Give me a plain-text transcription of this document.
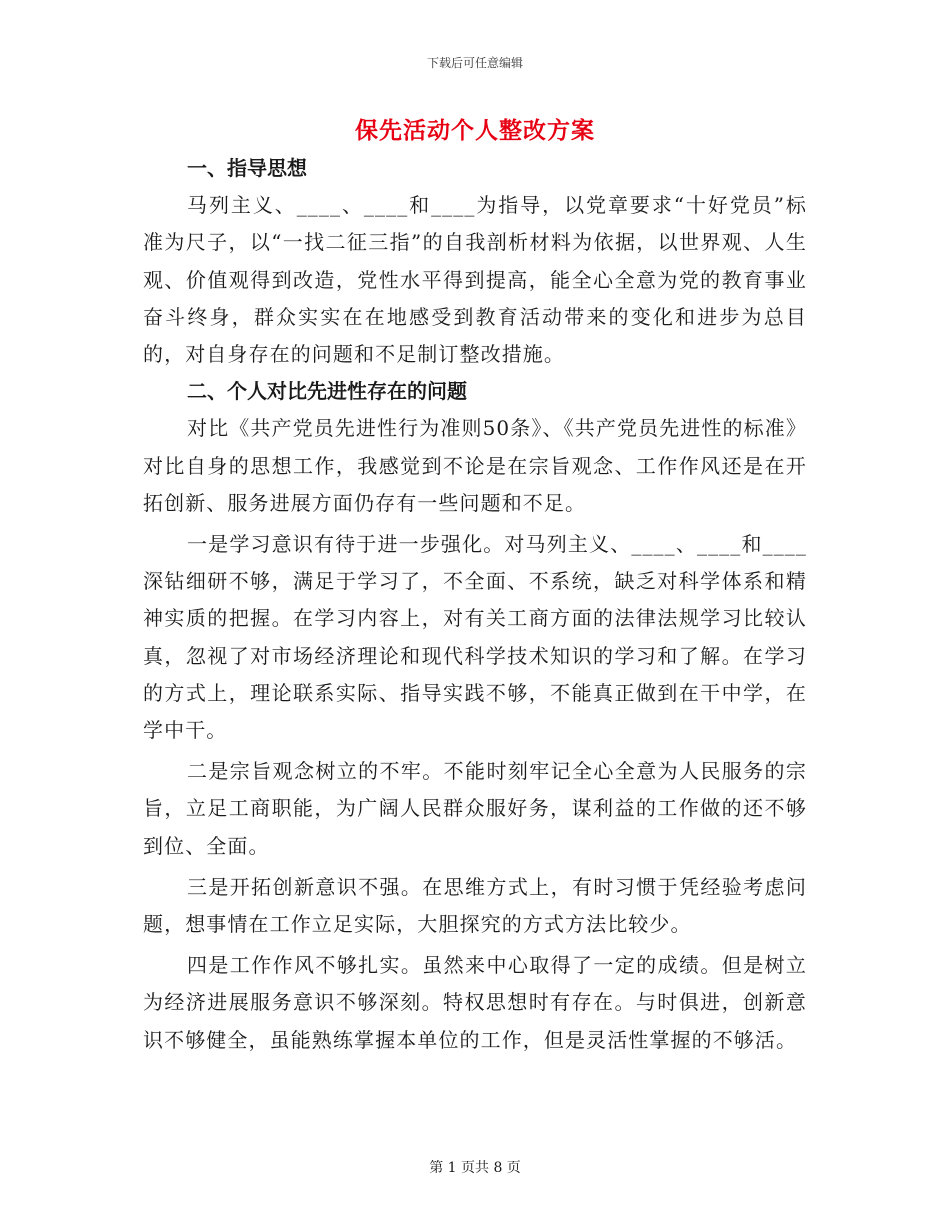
下载后可任意编辑
保先活动个人整改方案

一、指导思想

马列主义、____、____和____为指导，以党章要求“十好党员”标准为尺子，以“一找二征三指”的自我剖析材料为依据，以世界观、人生观、价值观得到改造，党性水平得到提高，能全心全意为党的教育事业奋斗终身，群众实实在在地感受到教育活动带来的变化和进步为总目的，对自身存在的问题和不足制订整改措施。

二、个人对比先进性存在的问题

对比《共产党员先进性行为准则50条》、《共产党员先进性的标准》对比自身的思想工作，我感觉到不论是在宗旨观念、工作作风还是在开拓创新、服务进展方面仍存有一些问题和不足。

一是学习意识有待于进一步强化。对马列主义、____、____和____深钻细研不够，满足于学习了，不全面、不系统，缺乏对科学体系和精神实质的把握。在学习内容上，对有关工商方面的法律法规学习比较认真，忽视了对市场经济理论和现代科学技术知识的学习和了解。在学习的方式上，理论联系实际、指导实践不够，不能真正做到在干中学，在学中干。

二是宗旨观念树立的不牢。不能时刻牢记全心全意为人民服务的宗旨，立足工商职能，为广阔人民群众服好务，谋利益的工作做的还不够到位、全面。

三是开拓创新意识不强。在思维方式上，有时习惯于凭经验考虑问题，想事情在工作立足实际，大胆探究的方式方法比较少。

四是工作作风不够扎实。虽然来中心取得了一定的成绩。但是树立为经济进展服务意识不够深刻。特权思想时有存在。与时俱进，创新意识不够健全，虽能熟练掌握本单位的工作，但是灵活性掌握的不够活。

第 1 页共 8 页
